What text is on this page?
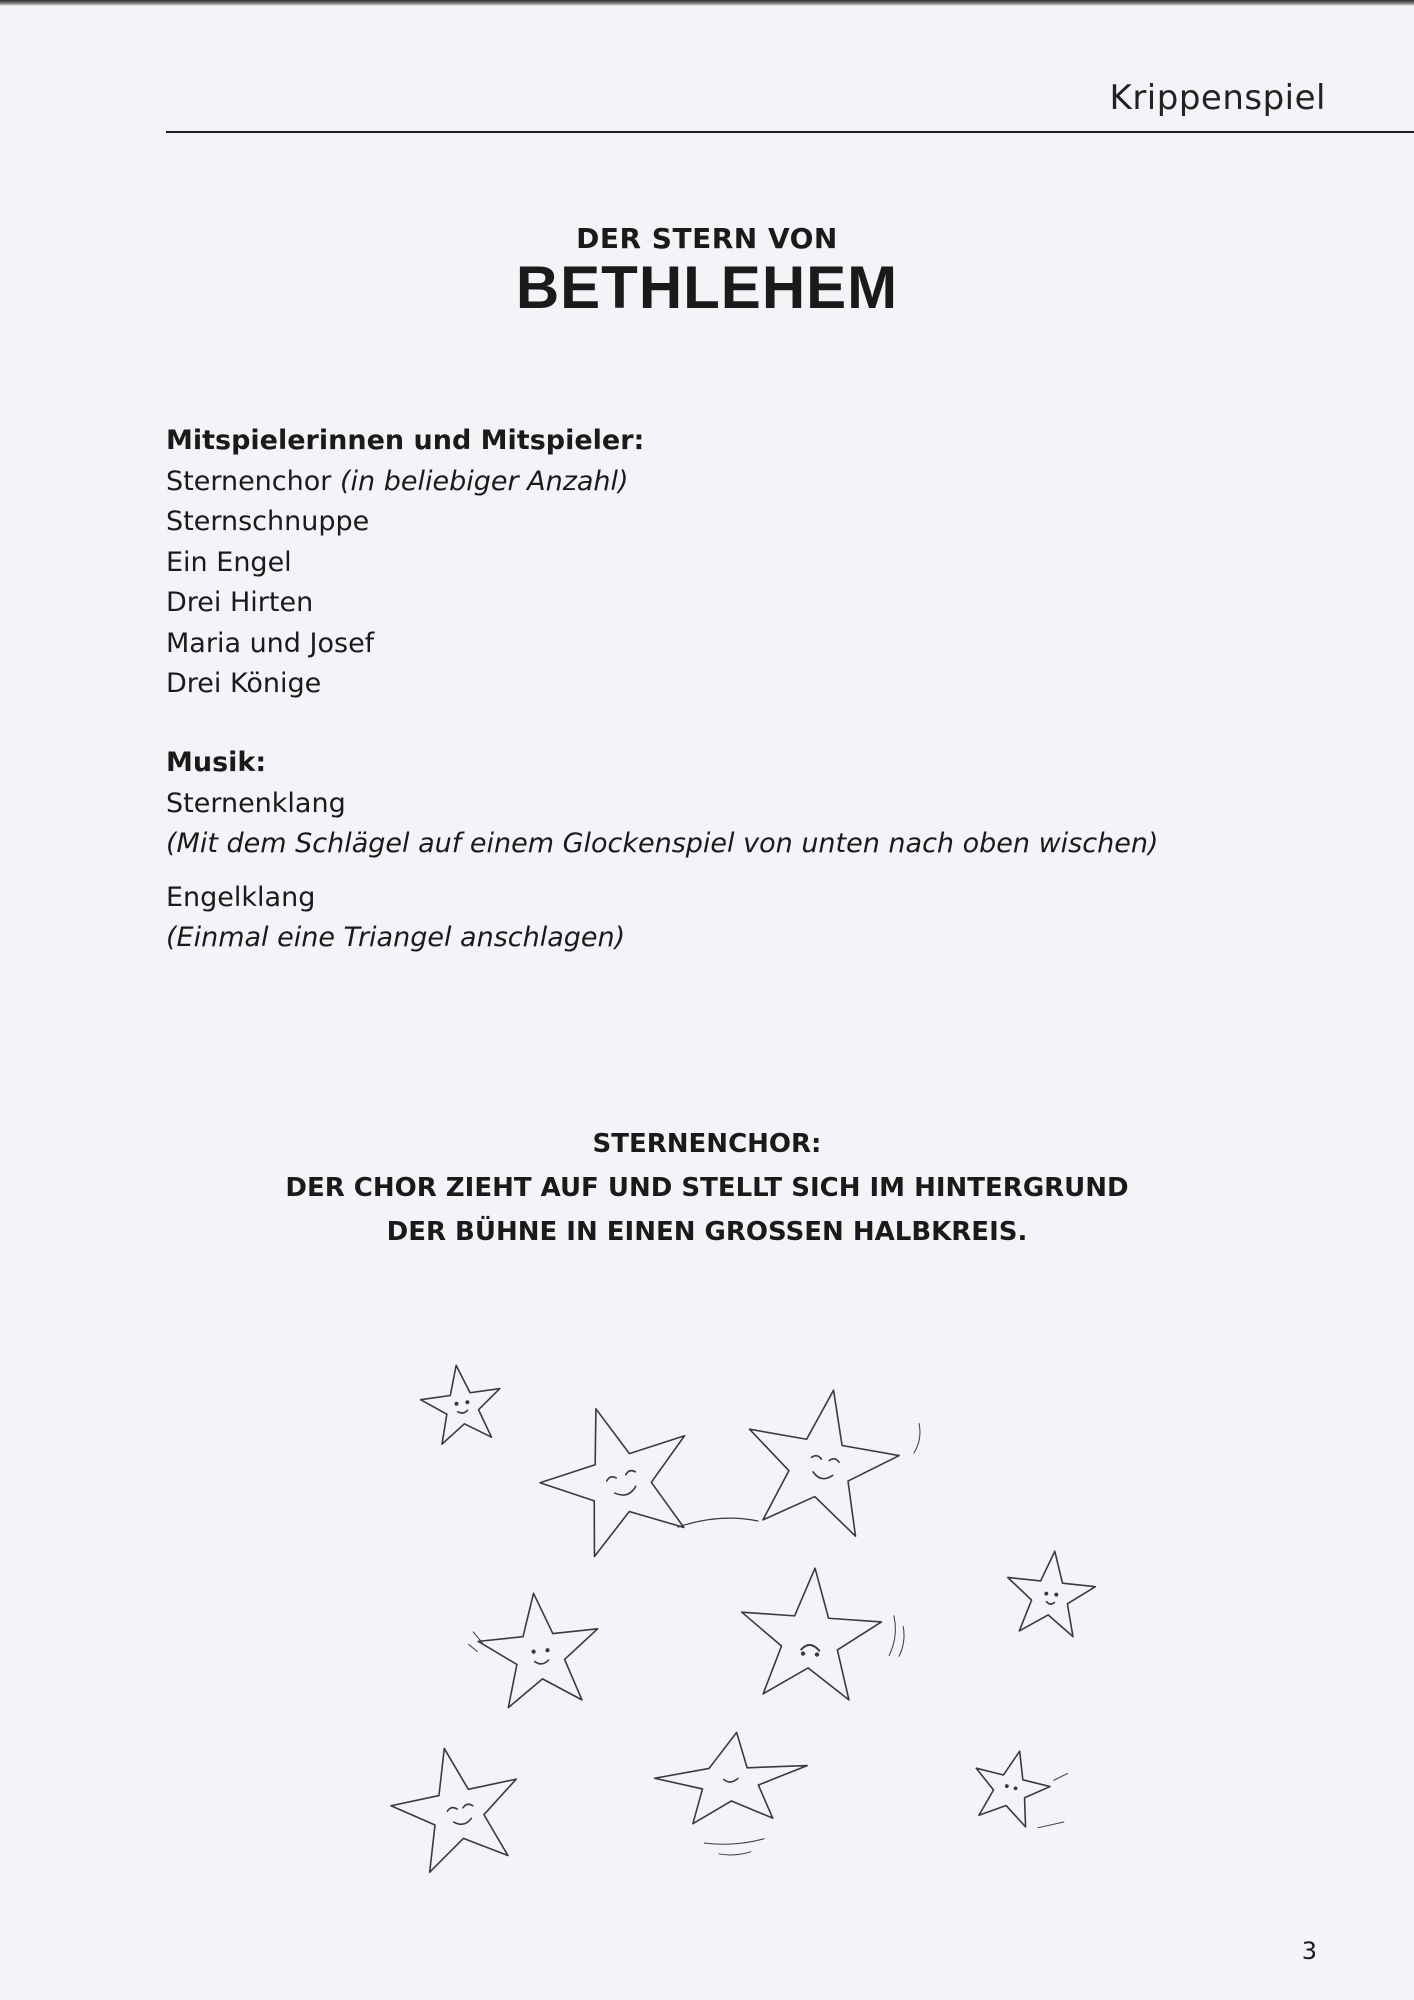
Krippenspiel
DER STERN VON
BETHLEHEM
Mitspielerinnen und Mitspieler:
Sternenchor (in beliebiger Anzahl)
Sternschnuppe
Ein Engel
Drei Hirten
Maria und Josef
Drei Könige
Musik:
Sternenklang
(Mit dem Schlägel auf einem Glockenspiel von unten nach oben wischen)
Engelklang
(Einmal eine Triangel anschlagen)
STERNENCHOR:
DER CHOR ZIEHT AUF UND STELLT SICH IM HINTERGRUND
DER BÜHNE IN EINEN GROSSEN HALBKREIS.
3
